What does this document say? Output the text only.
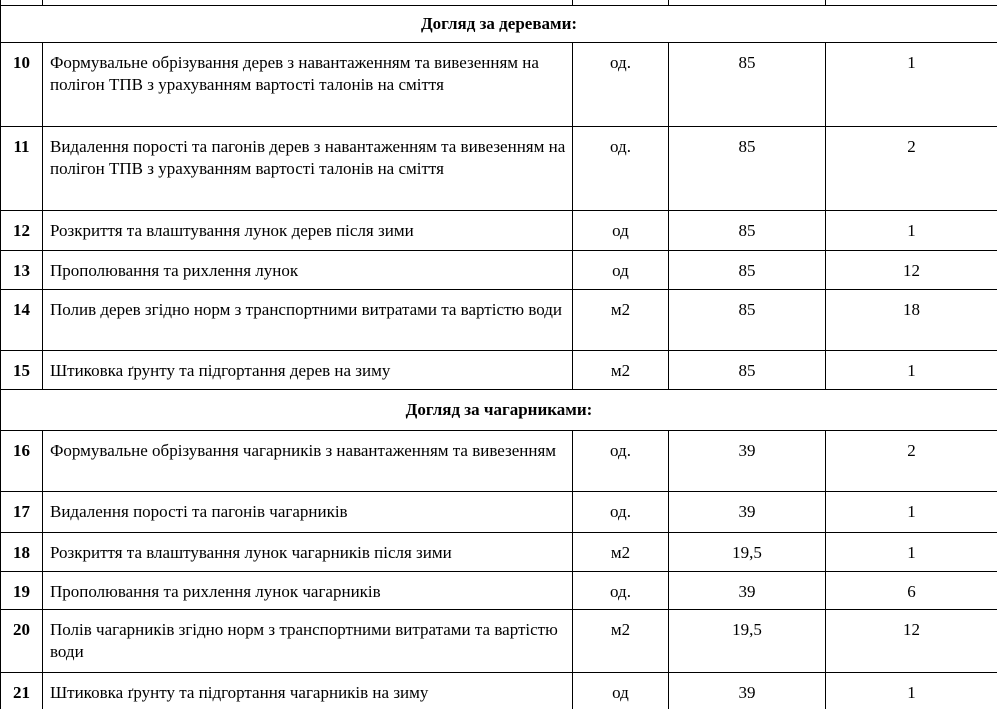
Догляд за деревами:				
10	Формувальне обрізування дерев з навантаженням та вивезенням на полігон ТПВ з урахуванням вартості талонів на сміття	од.	85	1
11	Видалення поростi та пагонів дерев з навантаженням та вивезенням на полігон ТПВ з урахуванням вартості талонів на сміття	од.	85	2
12	Розкриття та влаштування лунок дерев після зими	од	85	1
13	Прополювання та рихлення лунок	од	85	12
14	Полив дерев згідно норм з транспортними витратами та вартістю води	м2	85	18
15	Штиковка ґрунту та підгортання дерев на зиму	м2	85	1
Догляд за чагарниками:				
16	Формувальне обрізування чагарників з навантаженням та вивезенням	од.	39	2
17	Видалення поростi та пагонів чагарників	од.	39	1
18	Розкриття та влаштування лунок чагарників після зими	м2	19,5	1
19	Прополювання та рихлення лунок чагарників	од.	39	6
20	Полів чагарників згідно норм з транспортними витратами та вартістю води	м2	19,5	12
21	Штиковка ґрунту та підгортання чагарників на зиму	од	39	1
